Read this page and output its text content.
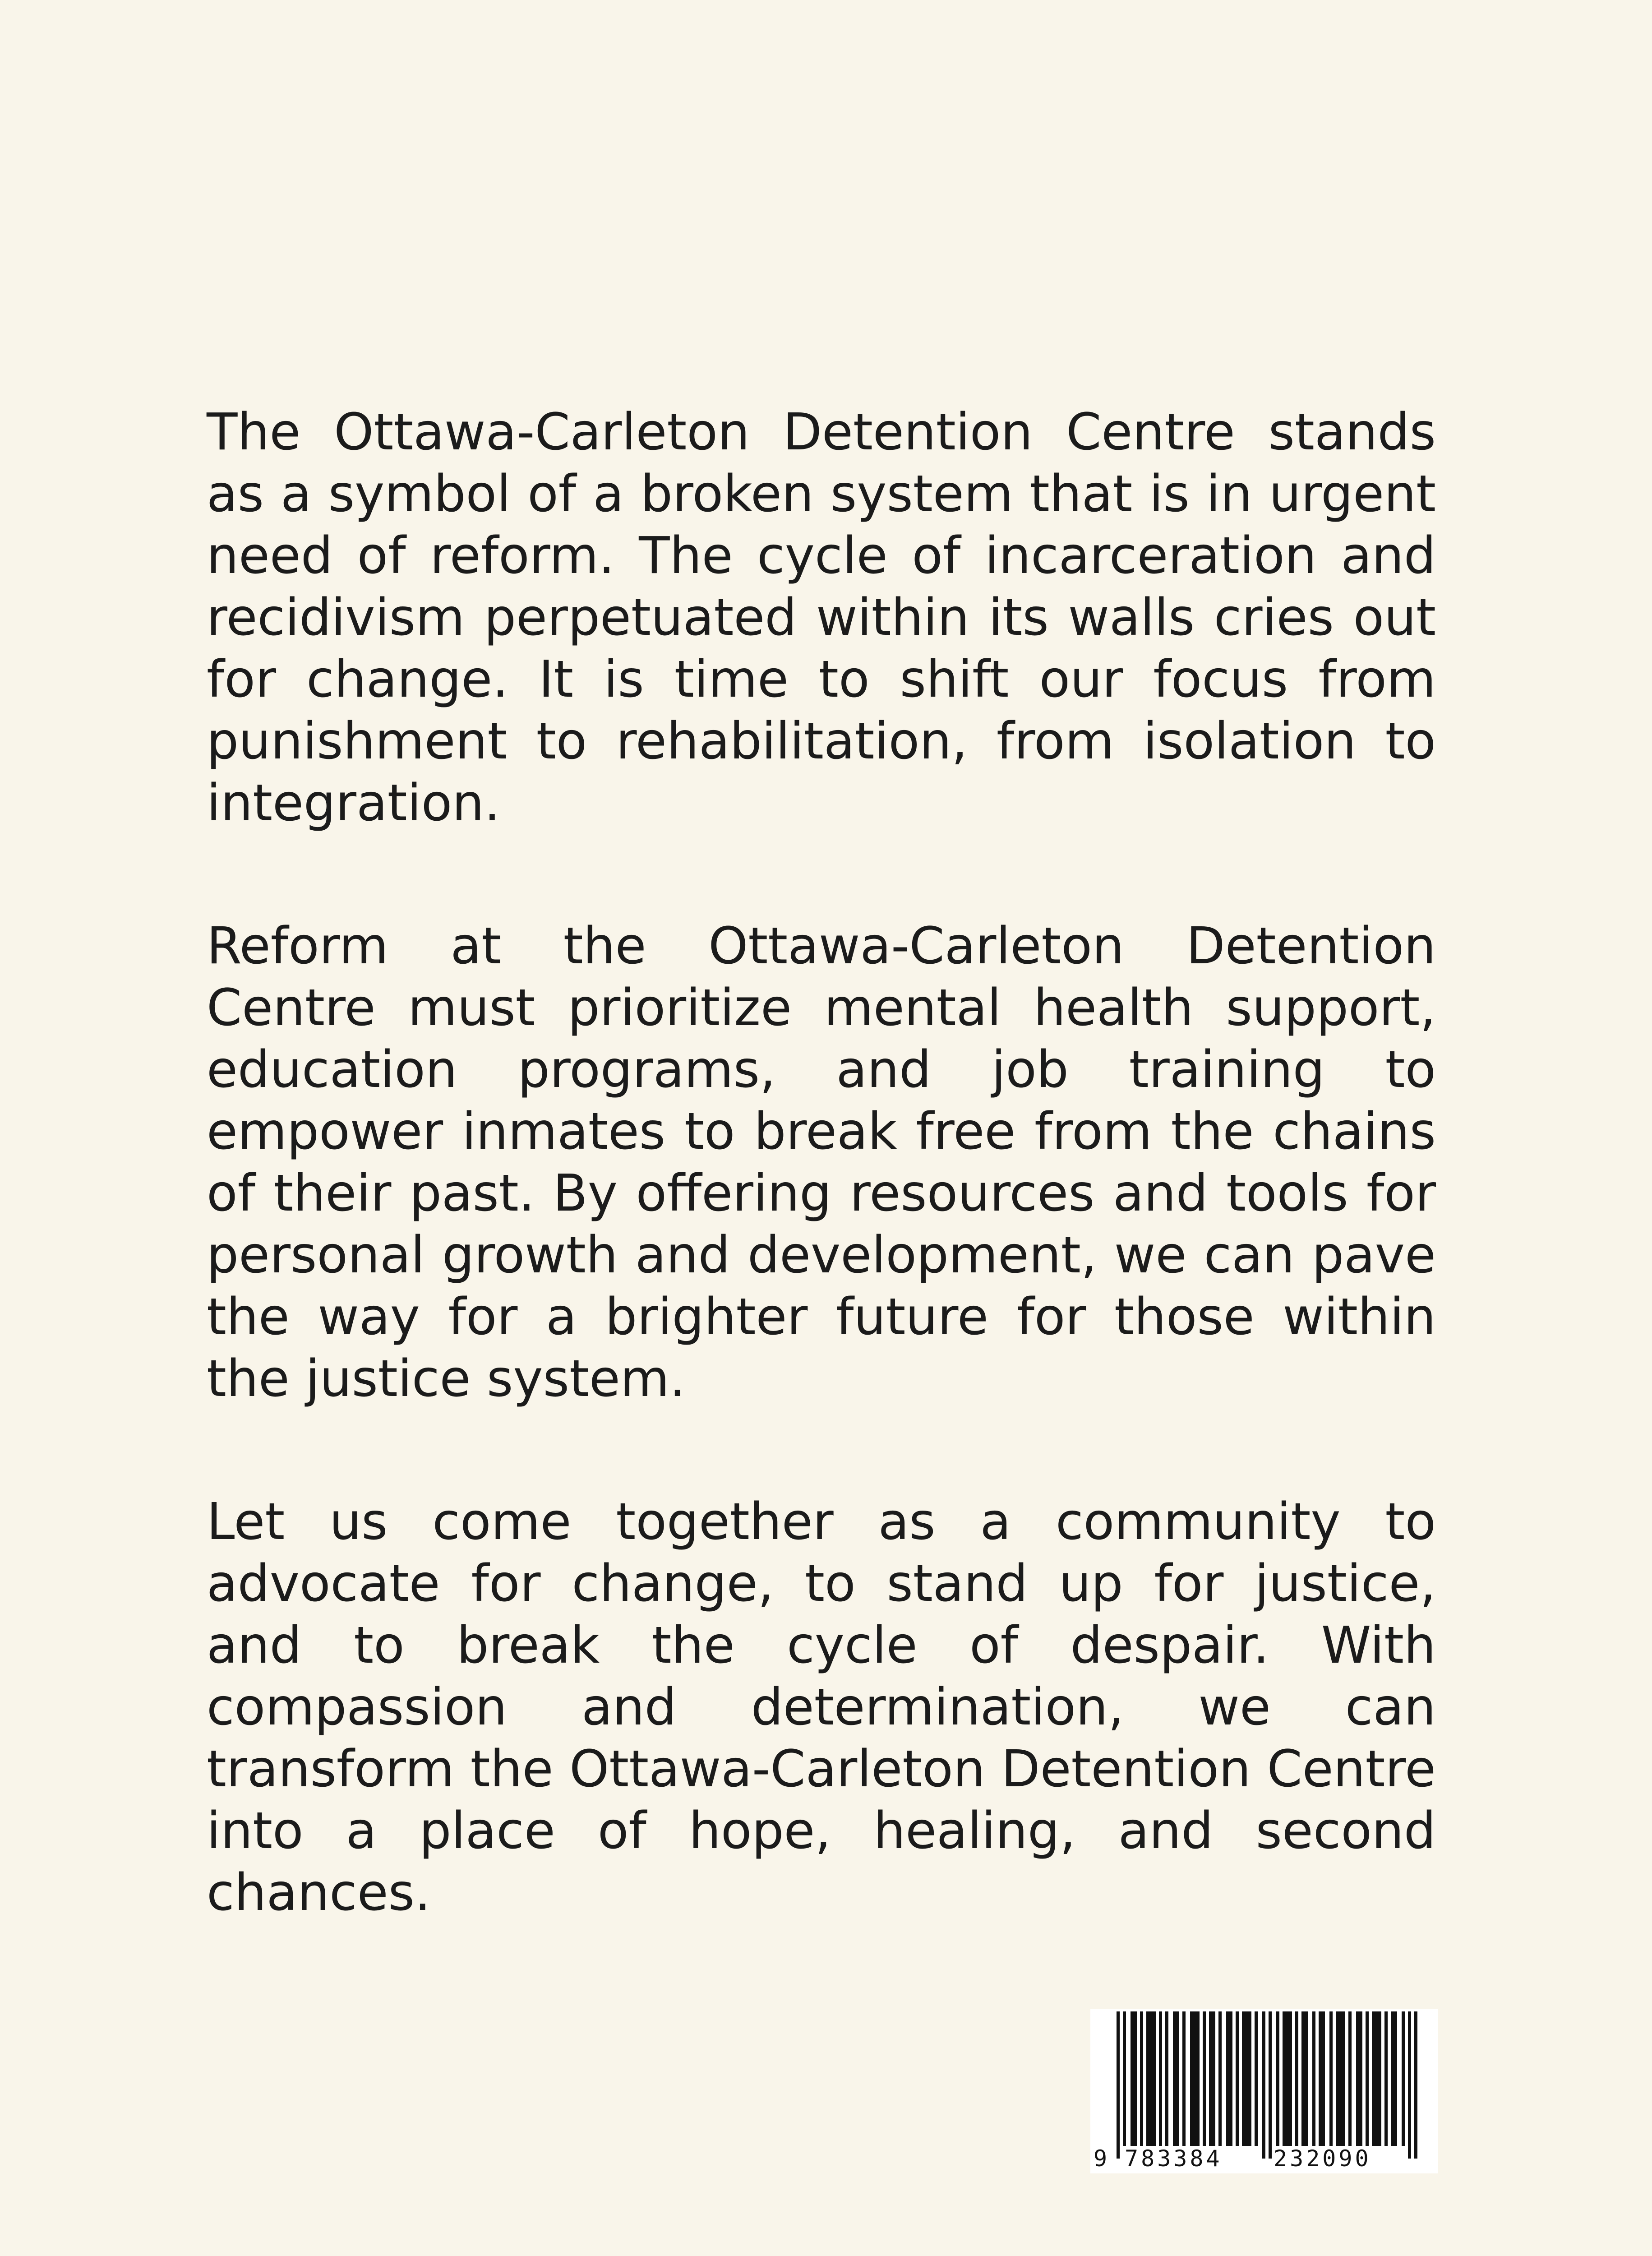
The Ottawa-Carleton Detention Centre stands as a symbol of a broken system that is in urgent need of reform. The cycle of incarceration and recidivism perpetuated within its walls cries out for change. It is time to shift our focus from punishment to rehabilitation, from isolation to integration.

Reform at the Ottawa-Carleton Detention Centre must prioritize mental health support, education programs, and job training to empower inmates to break free from the chains of their past. By offering resources and tools for personal growth and development, we can pave the way for a brighter future for those within the justice system.

Let us come together as a community to advocate for change, to stand up for justice, and to break the cycle of despair. With compassion and determination, we can transform the Ottawa-Carleton Detention Centre into a place of hope, healing, and second chances.

9 783384 232090
